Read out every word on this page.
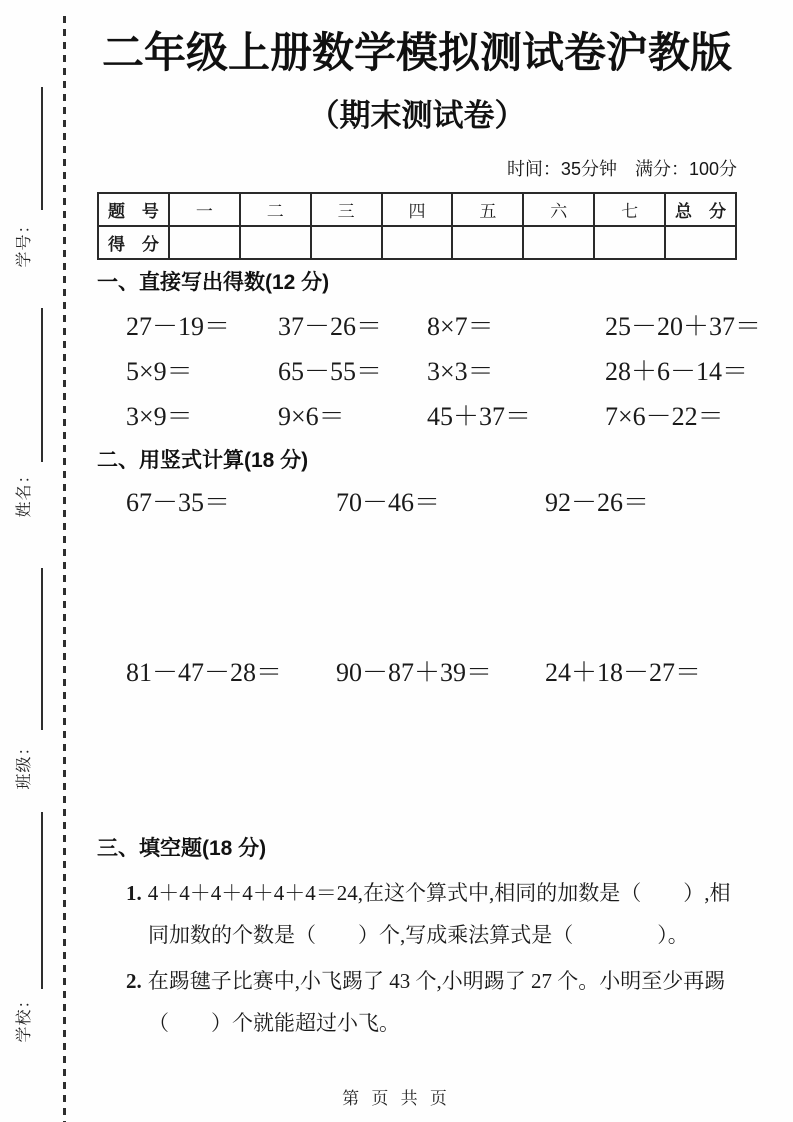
学号：
姓名：
班级：
学校：
二年级上册数学模拟测试卷沪教版
（期末测试卷）
时间：35分钟　满分：100分
题　号	一	二	三	四	五	六	七	总　分
得　分								
一、直接写出得数(12 分)
27－19＝	37－26＝	8×7＝	25－20＋37＝
5×9＝	65－55＝	3×3＝	28＋6－14＝
3×9＝	9×6＝	45＋37＝	7×6－22＝
二、用竖式计算(18 分)
67－35＝	70－46＝	92－26＝
81－47－28＝	90－87＋39＝	24＋18－27＝
三、填空题(18 分)
1. 4＋4＋4＋4＋4＋4＝24,在这个算式中,相同的加数是（　　）,相
同加数的个数是（　　）个,写成乘法算式是（　　　　）。
2. 在踢毽子比赛中,小飞踢了 43 个,小明踢了 27 个。小明至少再踢
（　　）个就能超过小飞。
第 页 共 页
